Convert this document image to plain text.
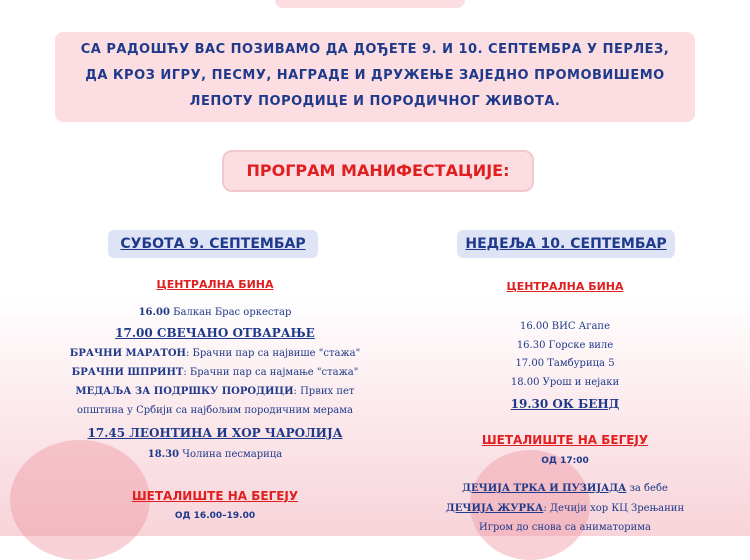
СА РАДОШЋУ ВАС ПОЗИВАМО ДА ДОЂЕТЕ 9. И 10. СЕПТЕМБРА У ПЕРЛЕЗ,
ДА КРОЗ ИГРУ, ПЕСМУ, НАГРАДЕ И ДРУЖЕЊЕ ЗАЈЕДНО ПРОМОВИШЕМО
ЛЕПОТУ ПОРОДИЦЕ И ПОРОДИЧНОГ ЖИВОТА.
ПРОГРАМ МАНИФЕСТАЦИЈЕ:
СУБОТА 9. СЕПТЕМБАР
ЦЕНТРАЛНА БИНА
16.00 Балкан Брас оркестар
17.00 СВЕЧАНО ОТВАРАЊЕ
БРАЧНИ МАРАТОН: Брачни пар са највише "стажа"
БРАЧНИ ШПРИНТ: Брачни пар са најмање "стажа"
МЕДАЉА ЗА ПОДРШКУ ПОРОДИЦИ: Првих пет
општина у Србији са најбољим породичним мерама
17.45 ЛЕОНТИНА И ХОР ЧАРОЛИЈА
18.30 Чолина песмарица
ШЕТАЛИШТЕ НА БЕГЕЈУ
ОД 16.00–19.00
НЕДЕЉА 10. СЕПТЕМБАР
ЦЕНТРАЛНА БИНА
16.00 ВИС Агапе
16.30 Горске виле
17.00 Тамбурица 5
18.00 Урош и нејаки
19.30 ОК БЕНД
ШЕТАЛИШТЕ НА БЕГЕЈУ
ОД 17:00
ДЕЧИЈА ТРКА И ПУЗИЈАДА за бебе
ДЕЧИЈА ЖУРКА: Дечији хор КЦ Зрењанин
Игром до снова са аниматорима
